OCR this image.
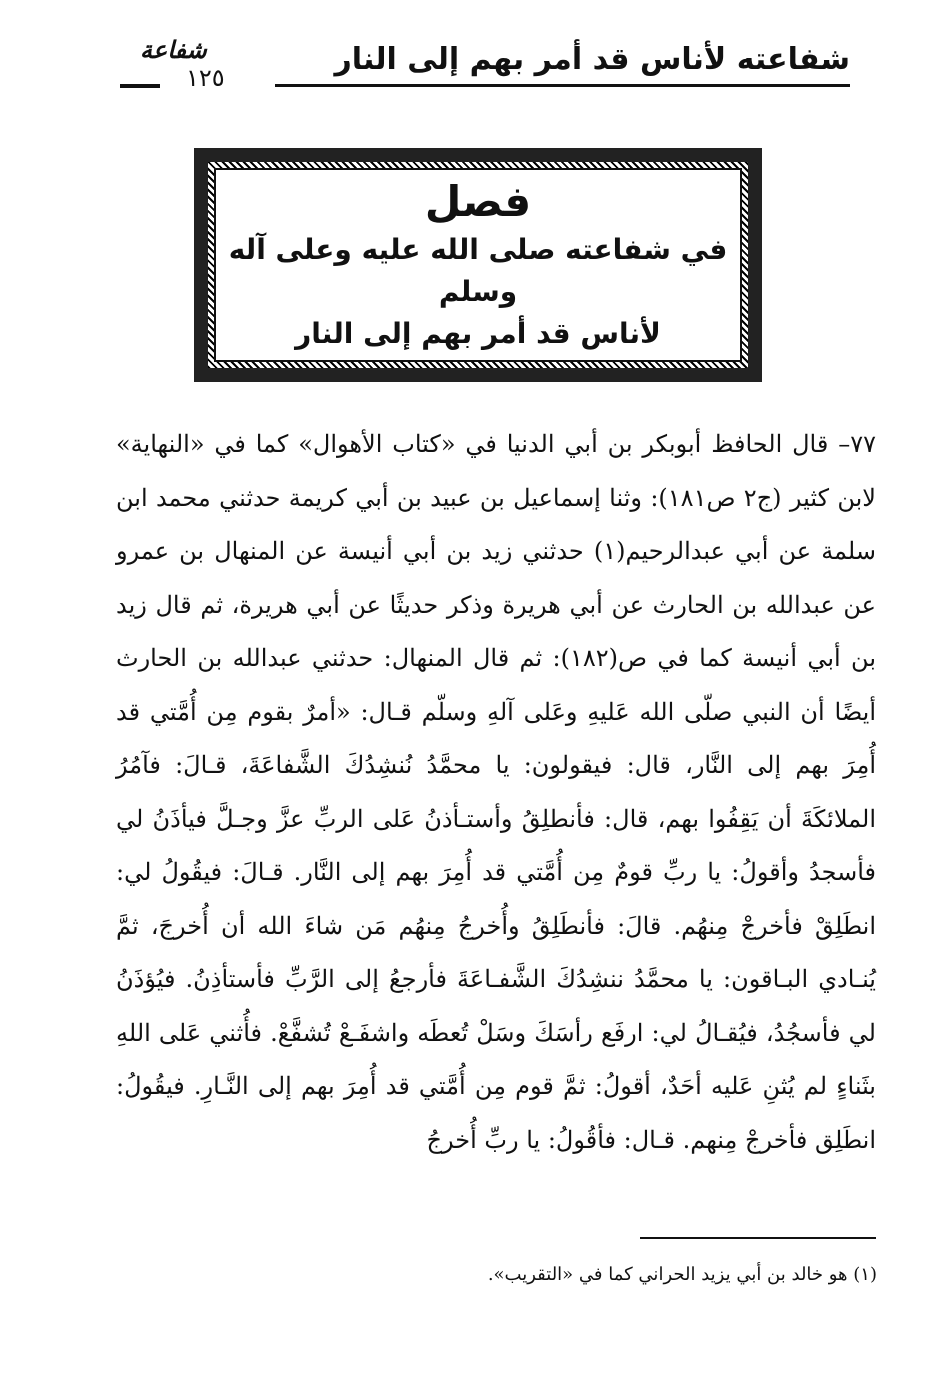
شفاعته لأناس قد أمر بهم إلى النار
شفاعة
١٢٥
فصل
في شفاعته صلى الله عليه وعلى آله وسلم
لأناس قد أمر بهم إلى النار

٧٧– قال الحافظ أبوبكر بن أبي الدنيا في «كتاب الأهوال» كما في «النهاية» لابن كثير (ج٢ ص١٨١): وثنا إسماعيل بن عبيد بن أبي كريمة حدثني محمد ابن سلمة عن أبي عبدالرحيم(١) حدثني زيد بن أبي أنيسة عن المنهال بن عمرو عن عبدالله بن الحارث عن أبي هريرة وذكر حديثًا عن أبي هريرة، ثم قال زيد بن أبي أنيسة كما في ص(١٨٢): ثم قال المنهال: حدثني عبدالله بن الحارث أيضًا أن النبي صلّى الله عَليهِ وعَلى آلهِ وسلّم قـال: «أمرٌ بقوم مِن أُمَّتي قد أُمِرَ بهم إلى النَّار، قال: فيقولون: يا محمَّدُ نُنشِدُكَ الشَّفاعَةَ، قـالَ: فآمُرُ الملائكَةَ أن يَقِفُوا بهم، قال: فأنطلِقُ وأستـأذنُ عَلى الربِّ عزَّ وجـلَّ فيأذَنُ لي فأسجدُ وأقولُ: يا ربِّ قومٌ مِن أُمَّتي قد أُمِرَ بهم إلى النَّار. قـالَ: فيقُولُ لي: انطَلِقْ فأخرجْ مِنهُم. قالَ: فأنطَلِقُ وأُخرجُ مِنهُم مَن شاءَ الله أن أُخرجَ، ثمَّ يُنـادي البـاقون: يا محمَّدُ ننشِدُكَ الشَّفـاعَةَ فأرجعُ إلى الرَّبِّ فأستأذِنُ. فيُؤذَنُ لي فأسجُدُ، فيُقـالُ لي: ارفَع رأسَكَ وسَلْ تُعطَه واشفَـعْ تُشفَّعْ. فأُثني عَلى اللهِ بثَناءٍ لم يُثنِ عَليه أحَدٌ، أقولُ: ثمَّ قوم مِن أُمَّتي قد أُمِرَ بهم إلى النَّـارِ. فيقُولُ: انطَلِق فأخرجْ مِنهم. قـال: فأقُولُ: يا ربِّ أُخرجُ

(١) هو خالد بن أبي يزيد الحراني كما في «التقريب».
